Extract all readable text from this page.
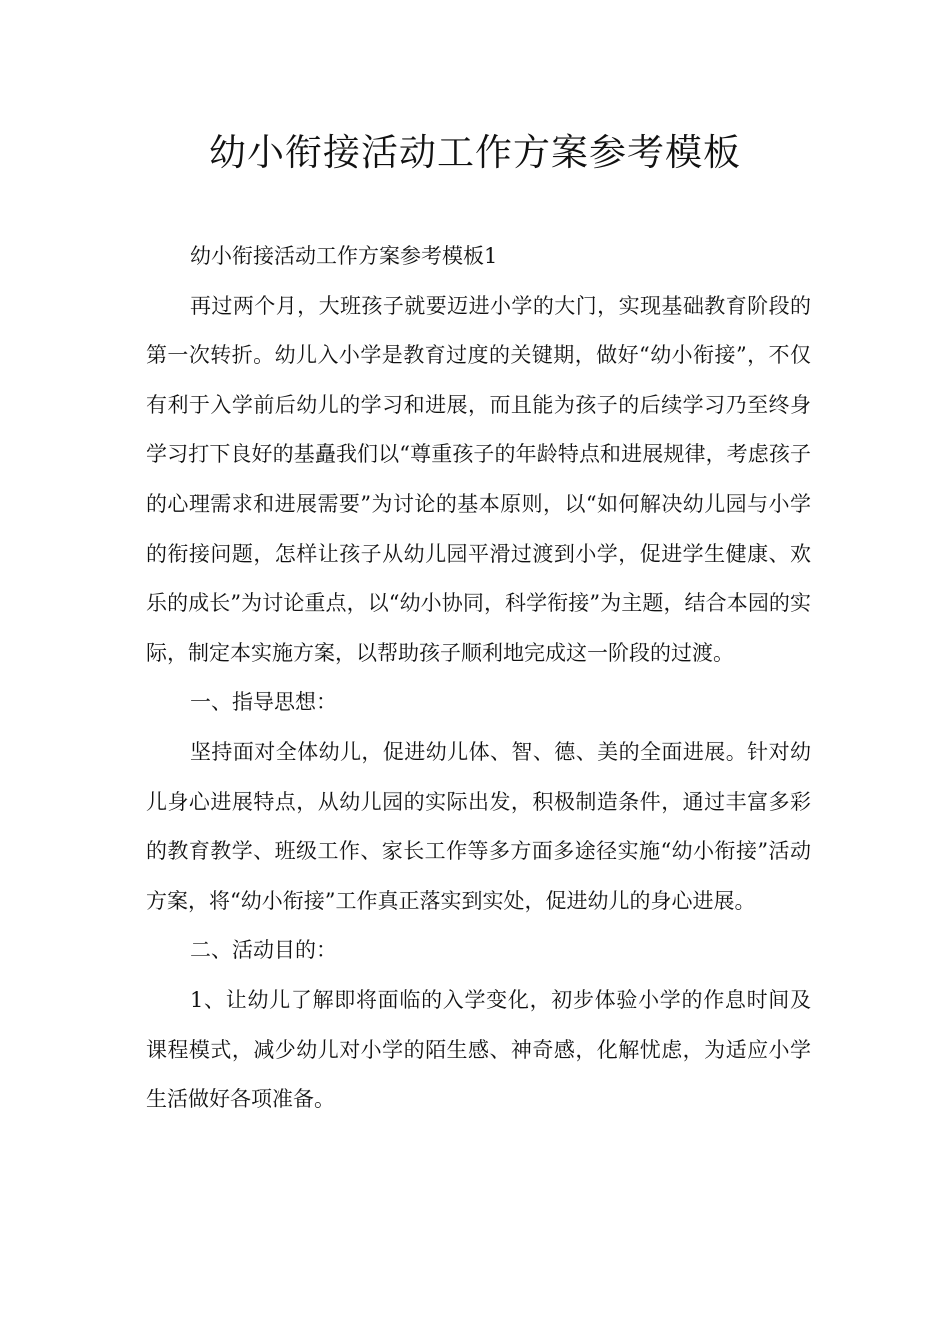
幼小衔接活动工作方案参考模板

幼小衔接活动工作方案参考模板1

再过两个月，大班孩子就要迈进小学的大门，实现基础教育阶段的第一次转折。幼儿入小学是教育过度的关键期，做好“幼小衔接”，不仅有利于入学前后幼儿的学习和进展，而且能为孩子的后续学习乃至终身学习打下良好的基矗我们以“尊重孩子的年龄特点和进展规律，考虑孩子的心理需求和进展需要”为讨论的基本原则，以“如何解决幼儿园与小学的衔接问题，怎样让孩子从幼儿园平滑过渡到小学，促进学生健康、欢乐的成长”为讨论重点，以“幼小协同，科学衔接”为主题，结合本园的实际，制定本实施方案，以帮助孩子顺利地完成这一阶段的过渡。

一、指导思想：

坚持面对全体幼儿，促进幼儿体、智、德、美的全面进展。针对幼儿身心进展特点，从幼儿园的实际出发，积极制造条件，通过丰富多彩的教育教学、班级工作、家长工作等多方面多途径实施“幼小衔接”活动方案，将“幼小衔接”工作真正落实到实处，促进幼儿的身心进展。

二、活动目的：

1、让幼儿了解即将面临的入学变化，初步体验小学的作息时间及课程模式，减少幼儿对小学的陌生感、神奇感，化解忧虑，为适应小学生活做好各项准备。
